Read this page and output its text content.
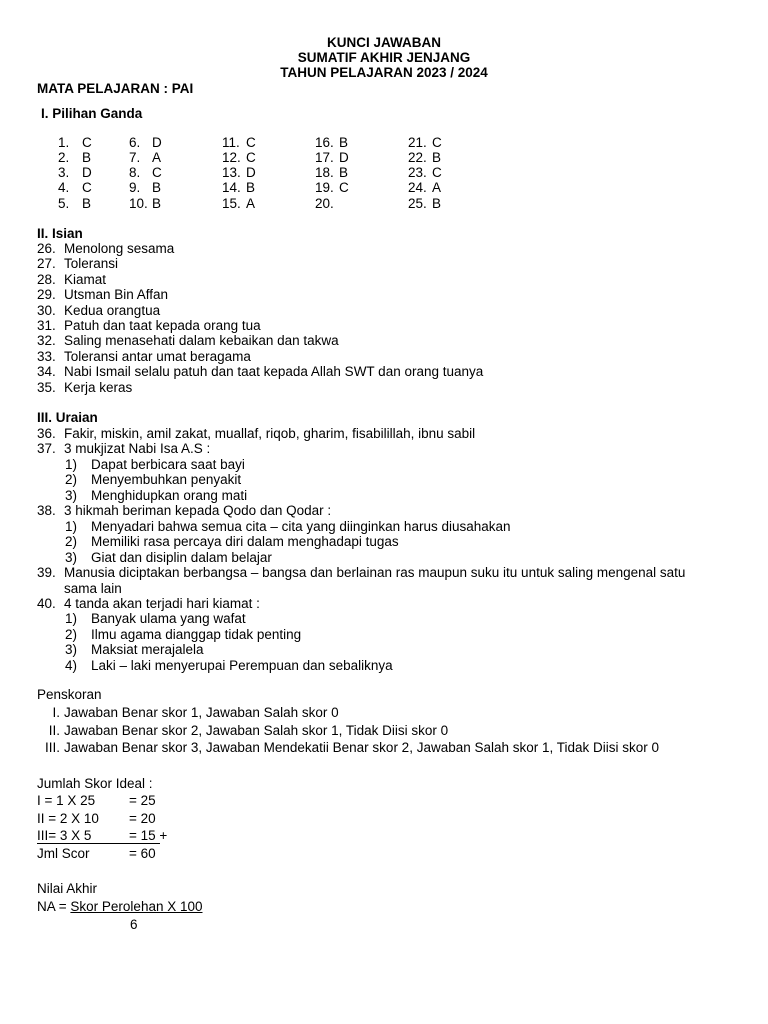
KUNCI JAWABAN
SUMATIF AKHIR JENJANG
TAHUN PELAJARAN 2023 / 2024
MATA PELAJARAN : PAI
I. Pilihan Ganda
1. C
2. B
3. D
4. C
5. B
6. D
7. A
8. C
9. B
10. B
11. C
12. C
13. D
14. B
15. A
16. B
17. D
18. B
19. C
20.
21. C
22. B
23. C
24. A
25. B
II. Isian
26. Menolong sesama
27. Toleransi
28. Kiamat
29. Utsman Bin Affan
30. Kedua orangtua
31. Patuh dan taat kepada orang tua
32. Saling menasehati dalam kebaikan dan takwa
33. Toleransi antar umat beragama
34. Nabi Ismail selalu patuh dan taat kepada Allah SWT dan orang tuanya
35. Kerja keras
III. Uraian
36. Fakir, miskin, amil zakat, muallaf, riqob, gharim, fisabilillah, ibnu sabil
37. 3 mukjizat Nabi Isa A.S :
1) Dapat berbicara saat bayi
2) Menyembuhkan penyakit
3) Menghidupkan orang mati
38. 3 hikmah beriman kepada Qodo dan Qodar :
1) Menyadari bahwa semua cita – cita yang diinginkan harus diusahakan
2) Memiliki rasa percaya diri dalam menghadapi tugas
3) Giat dan disiplin dalam belajar
39. Manusia diciptakan berbangsa – bangsa dan berlainan ras maupun suku itu untuk saling mengenal satu
sama lain
40. 4 tanda akan terjadi hari kiamat :
1) Banyak ulama yang wafat
2) Ilmu agama dianggap tidak penting
3) Maksiat merajalela
4) Laki – laki menyerupai Perempuan dan sebaliknya
Penskoran
I. Jawaban Benar skor 1, Jawaban Salah skor 0
II. Jawaban Benar skor 2, Jawaban Salah skor 1, Tidak Diisi skor 0
III. Jawaban Benar skor 3, Jawaban Mendekatii Benar skor 2, Jawaban Salah skor 1, Tidak Diisi skor 0
Jumlah Skor Ideal :
I = 1 X 25	= 25
II = 2 X 10 = 20
III= 3 X 5	= 15 +
Jml Scor	= 60
Nilai Akhir
NA = Skor Perolehan X 100
6
